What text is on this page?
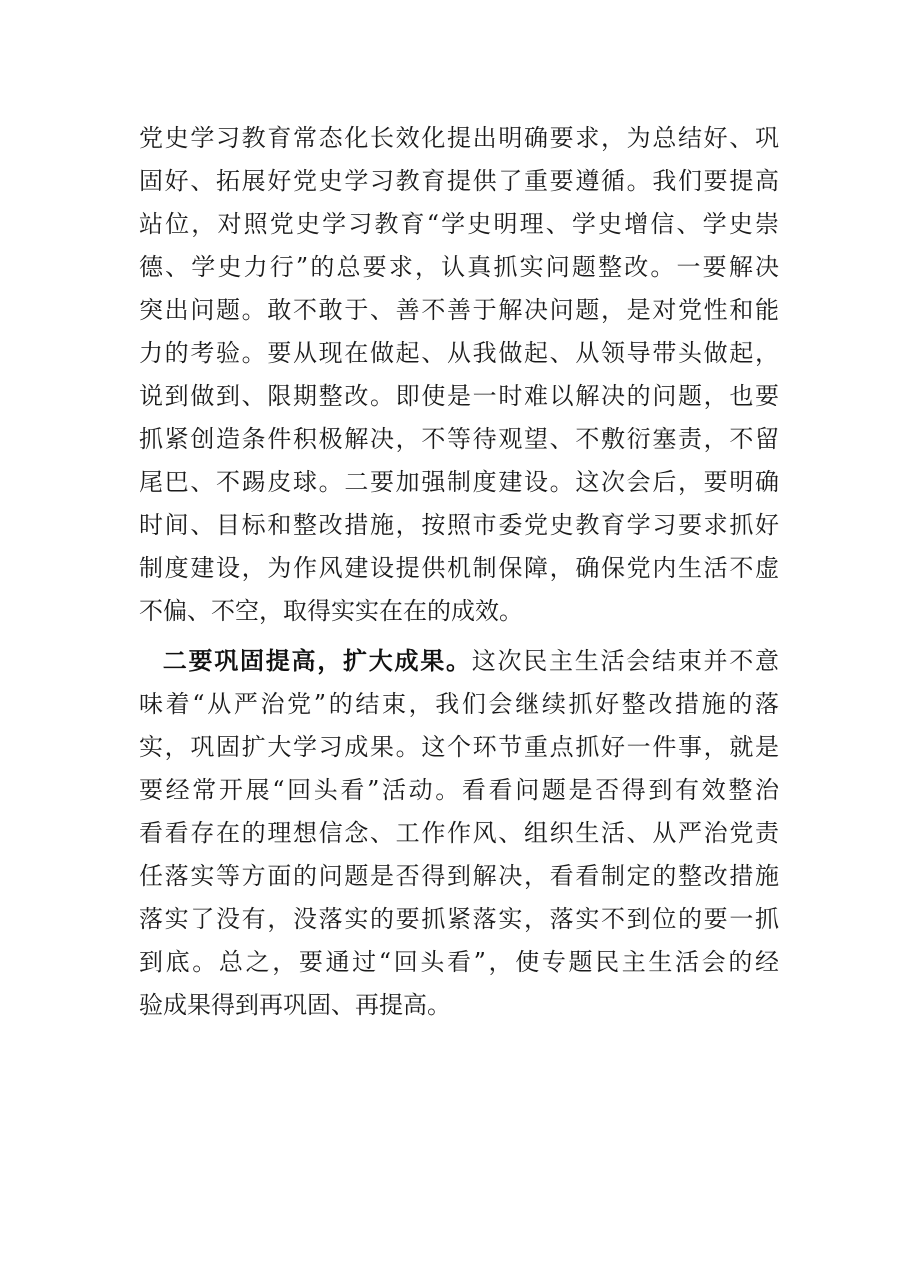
党史学习教育常态化长效化提出明确要求，为总结好、巩
固好、拓展好党史学习教育提供了重要遵循。我们要提高
站位，对照党史学习教育“学史明理、学史增信、学史崇
德、学史力行”的总要求，认真抓实问题整改。一要解决
突出问题。敢不敢于、善不善于解决问题，是对党性和能
力的考验。要从现在做起、从我做起、从领导带头做起，
说到做到、限期整改。即使是一时难以解决的问题，也要
抓紧创造条件积极解决，不等待观望、不敷衍塞责，不留
尾巴、不踢皮球。二要加强制度建设。这次会后，要明确
时间、目标和整改措施，按照市委党史教育学习要求抓好
制度建设，为作风建设提供机制保障，确保党内生活不虚
不偏、不空，取得实实在在的成效。
二要巩固提高，扩大成果。这次民主生活会结束并不意
味着“从严治党”的结束，我们会继续抓好整改措施的落
实，巩固扩大学习成果。这个环节重点抓好一件事，就是
要经常开展“回头看”活动。看看问题是否得到有效整治
看看存在的理想信念、工作作风、组织生活、从严治党责
任落实等方面的问题是否得到解决，看看制定的整改措施
落实了没有，没落实的要抓紧落实，落实不到位的要一抓
到底。总之，要通过“回头看”，使专题民主生活会的经
验成果得到再巩固、再提高。
